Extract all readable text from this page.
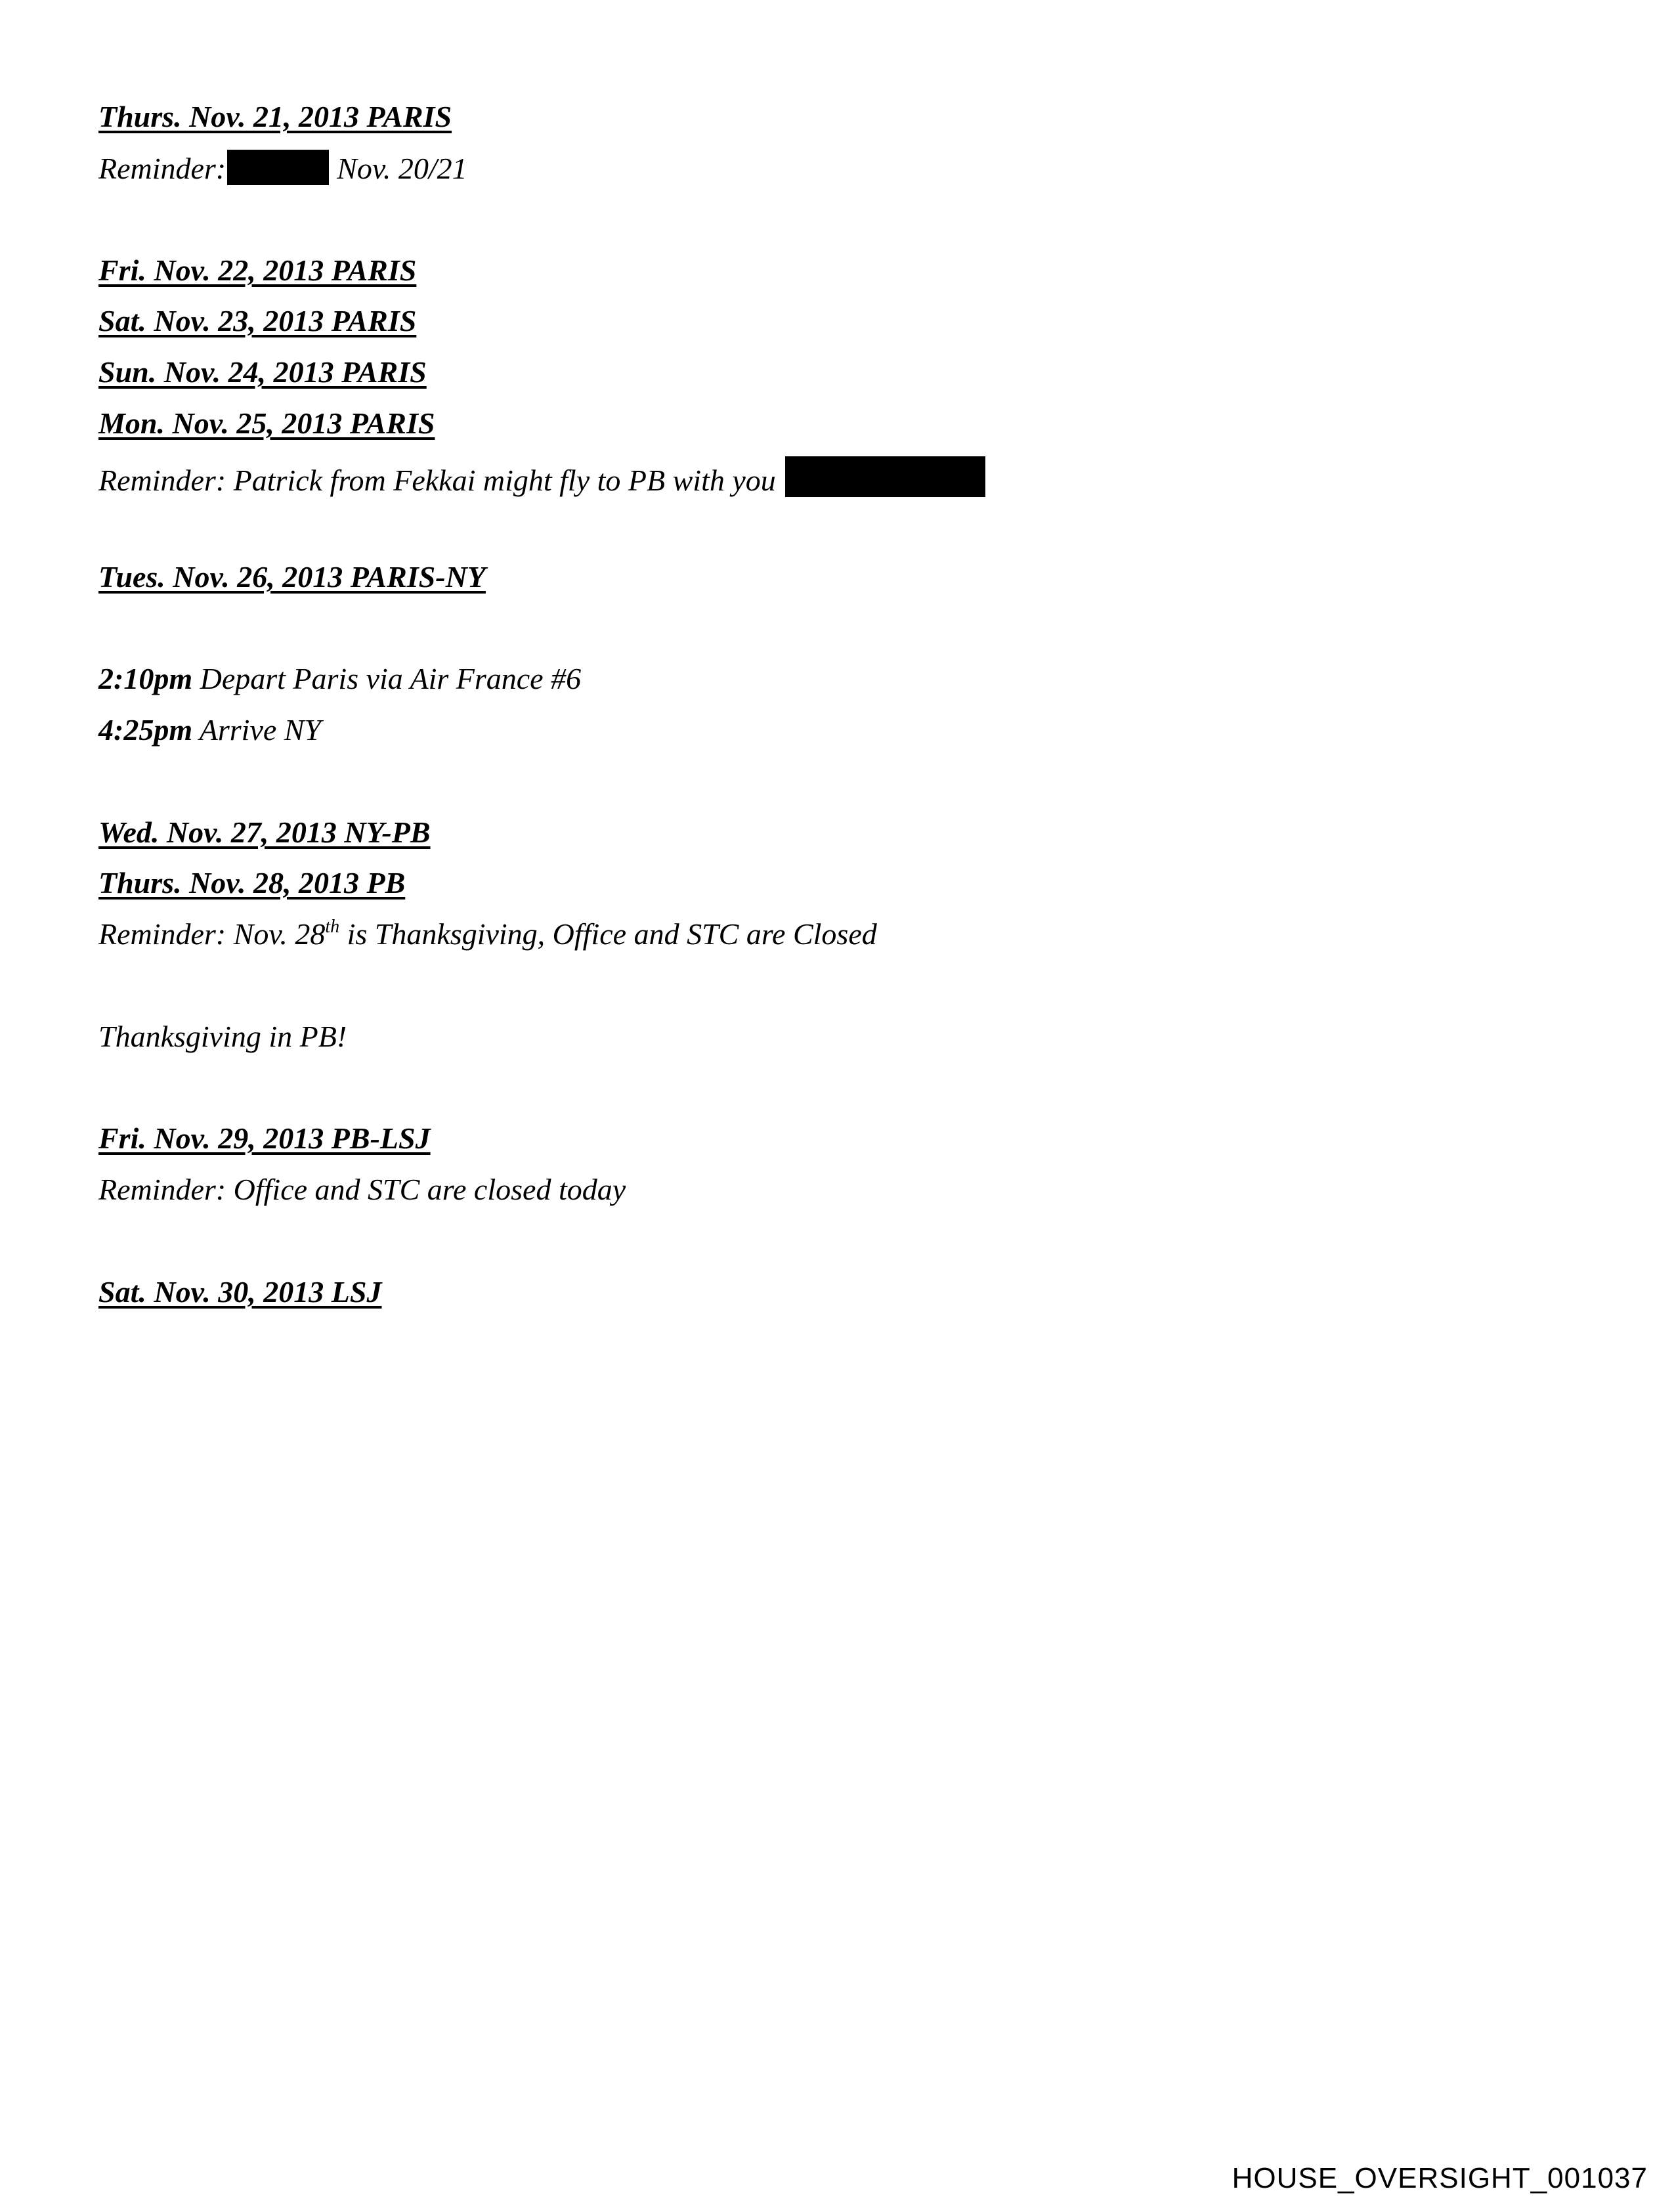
Thurs. Nov. 21, 2013 PARIS

Reminder:	Nov. 20/21

Fri. Nov. 22, 2013 PARIS

Sat. Nov. 23, 2013 PARIS

Sun. Nov. 24, 2013 PARIS

Mon. Nov. 25, 2013 PARIS

Reminder: Patrick from Fekkai might fly to PB with you

Tues. Nov. 26, 2013 PARIS-NY

2:10pm Depart Paris via Air France #6

4:25pm Arrive NY

Wed. Nov. 27, 2013 NY-PB

Thurs. Nov. 28, 2013 PB

Reminder: Nov. 28th is Thanksgiving, Office and STC are Closed

Thanksgiving in PB!

Fri. Nov. 29, 2013 PB-LSJ

Reminder: Office and STC are closed today

Sat. Nov. 30, 2013 LSJ

HOUSE_OVERSIGHT_001037
